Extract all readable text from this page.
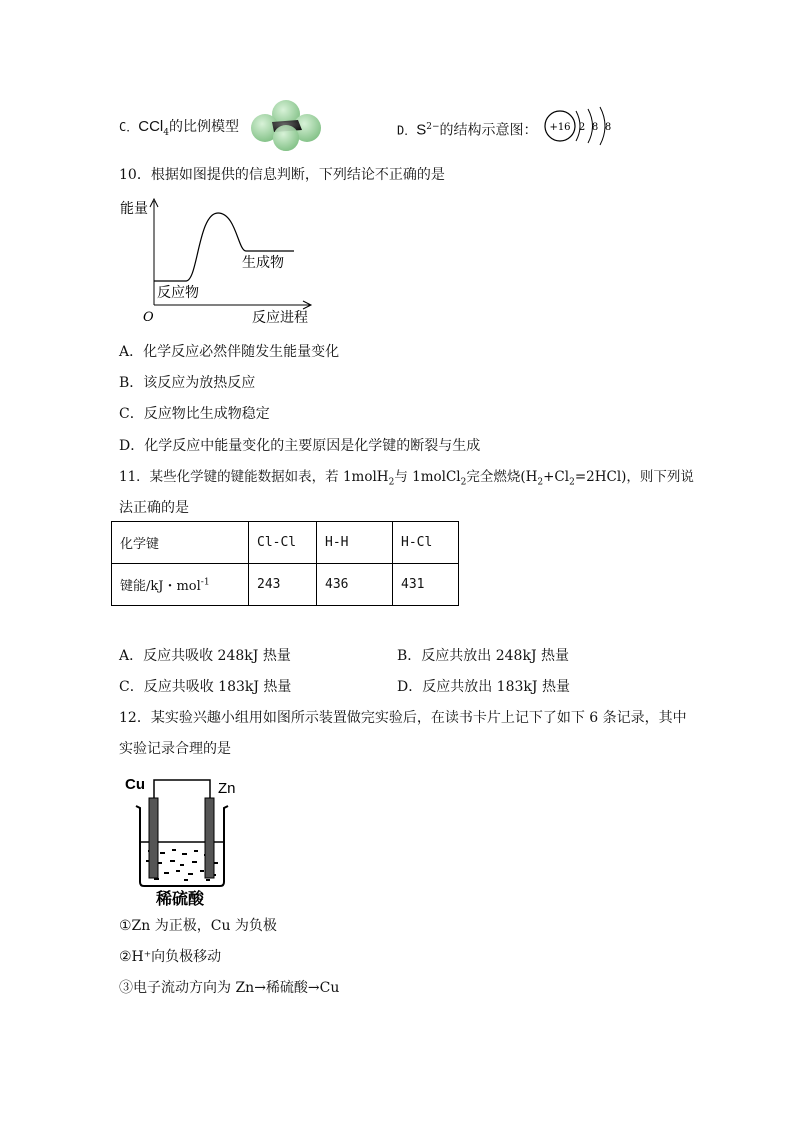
C．CCl$_4$的比例模型	D．$S^{2-}$的结构示意图： +16 2 8 8
10．根据如图提供的信息判断，下列结论不正确的是
能量
生成物
反应物
O	反应进程
A．化学反应必然伴随发生能量变化
B．该反应为放热反应
C．反应物比生成物稳定
D．化学反应中能量变化的主要原因是化学键的断裂与生成
11．某些化学键的键能数据如表，若 1molH$_2$与 1molCl$_2$完全燃烧$(H_2+Cl_2=2HCl)$，则下列说
法正确的是
化学键	Cl-Cl	H-H	H-Cl
键能/kJ・mol$^{-1}$	243	436	431
A．反应共吸收 248kJ 热量	B．反应共放出 248kJ 热量
C．反应共吸收 183kJ 热量	D．反应共放出 183kJ 热量
12．某实验兴趣小组用如图所示装置做完实验后，在读书卡片上记下了如下 6 条记录，其中
实验记录合理的是
Cu	Zn
稀硫酸
①Zn 为正极，Cu 为负极
②H⁺向负极移动
③电子流动方向为 Zn→稀硫酸→Cu
